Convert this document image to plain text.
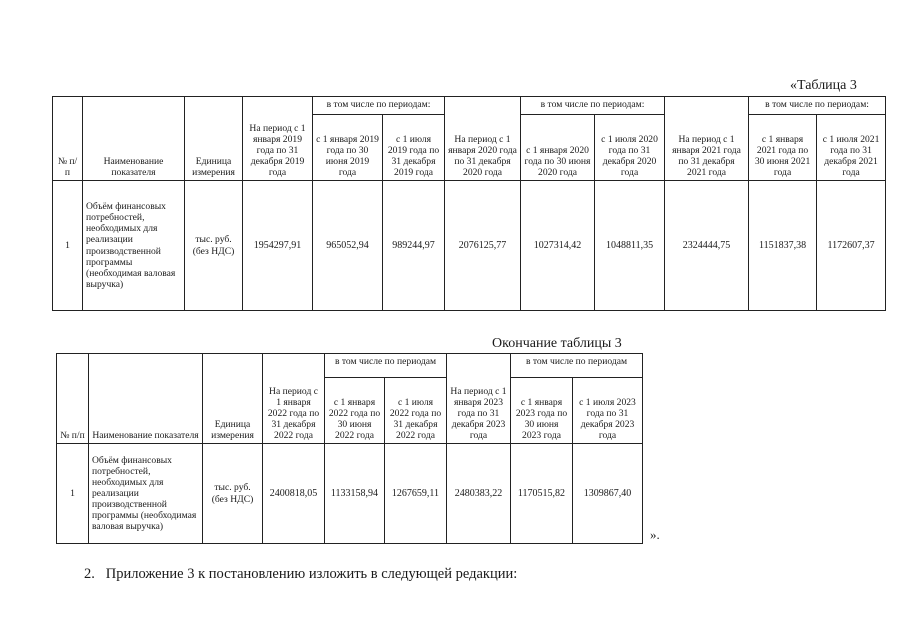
«Таблица 3
№ п/п	Наименование показателя	Единица измерения	На период с 1 января 2019 года по 31 декабря 2019 года	в том числе по периодам:		На период с 1 января 2020 года по 31 декабря 2020 года	в том числе по периодам:		На период с 1 января 2021 года по 31 декабря 2021 года	в том числе по периодам:	
				с 1 января 2019 года по 30 июня 2019 года	с 1 июля 2019 года по 31 декабря 2019 года		с 1 января 2020 года по 30 июня 2020 года	с 1 июля 2020 года по 31 декабря 2020 года		с 1 января 2021 года по 30 июня 2021 года	с 1 июля 2021 года по 31 декабря 2021 года
1	Объём финансовых потребностей, необходимых для реализации производственной программы (необходимая валовая выручка)	тыс. руб. (без НДС)	1954297,91	965052,94	989244,97	2076125,77	1027314,42	1048811,35	2324444,75	1151837,38	1172607,37
Окончание таблицы 3
№ п/п	Наименование показателя	Единица измерения	На период с 1 января 2022 года по 31 декабря 2022 года	в том числе по периодам		На период с 1 января 2023 года по 31 декабря 2023 года	в том числе по периодам	
				с 1 января 2022 года по 30 июня 2022 года	с 1 июля 2022 года по 31 декабря 2022 года		с 1 января 2023 года по 30 июня 2023 года	с 1 июля 2023 года по 31 декабря 2023 года
1	Объём финансовых потребностей, необходимых для реализации производственной программы (необходимая валовая выручка)	тыс. руб. (без НДС)	2400818,05	1133158,94	1267659,11	2480383,22	1170515,82	1309867,40
».
2.   Приложение 3 к постановлению изложить в следующей редакции:
